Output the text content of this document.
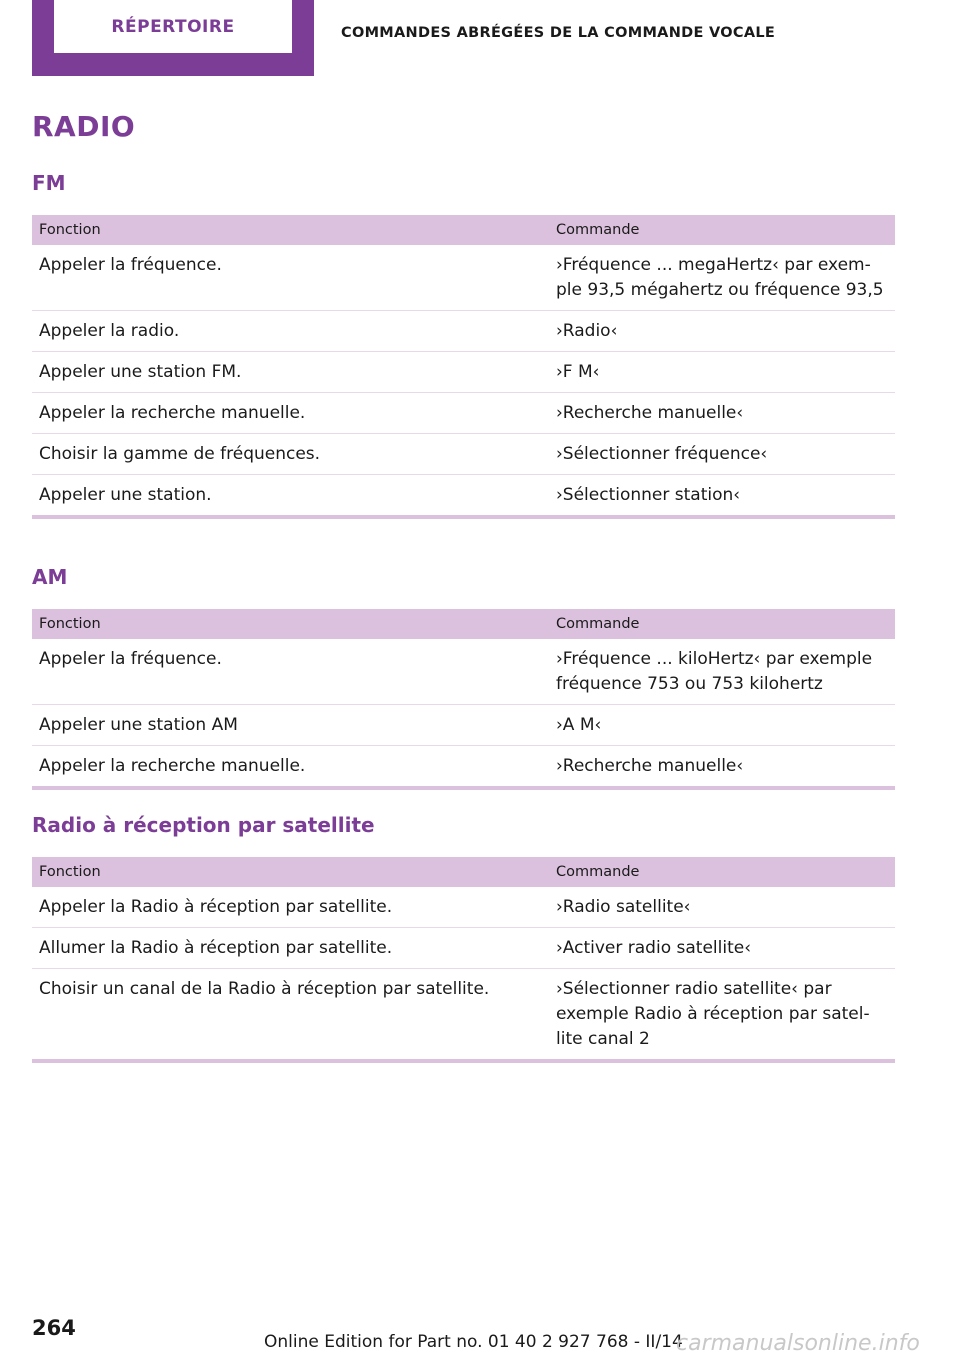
RÉPERTOIRE	COMMANDES ABRÉGÉES DE LA COMMANDE VOCALE
RADIO
FM
Fonction	Commande
Appeler la fréquence.	›Fréquence ... megaHertz‹ par exem‐ple 93,5 mégahertz ou fréquence 93,5
Appeler la radio.	›Radio‹
Appeler une station FM.	›F M‹
Appeler la recherche manuelle.	›Recherche manuelle‹
Choisir la gamme de fréquences.	›Sélectionner fréquence‹
Appeler une station.	›Sélectionner station‹
AM
Fonction	Commande
Appeler la fréquence.	›Fréquence ... kiloHertz‹ par exemple fréquence 753 ou 753 kilohertz
Appeler une station AM	›A M‹
Appeler la recherche manuelle.	›Recherche manuelle‹
Radio à réception par satellite
Fonction	Commande
Appeler la Radio à réception par satellite.	›Radio satellite‹
Allumer la Radio à réception par satellite.	›Activer radio satellite‹
Choisir un canal de la Radio à réception par satellite.	›Sélectionner radio satellite‹ par exemple Radio à réception par satel‐lite canal 2
264
Online Edition for Part no. 01 40 2 927 768 - II/14
carmanualsonline.info
